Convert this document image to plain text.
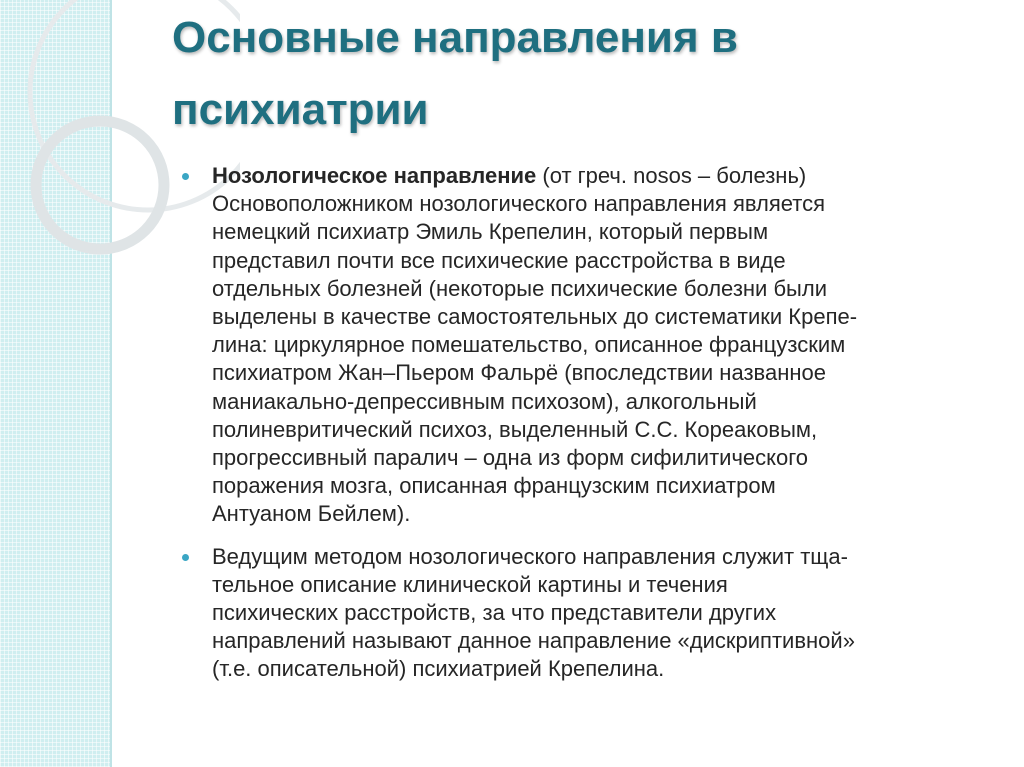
Основные направления в психиатрии
Нозологическое направление (от греч. nosos – болезнь)
Основоположником нозологического направления является
немецкий психиатр Эмиль Крепелин, который первым
представил почти все психические расстройства в виде
отдельных болезней (некоторые психические болезни были
выделены в качестве самостоятельных до систематики Крепе-
лина: циркулярное помешательство, описанное французским
психиатром Жан–Пьером Фальрё (впоследствии названное
маниакально-депрессивным психозом), алкогольный
полиневритический психоз, выделенный С.С. Кореаковым,
прогрессивный паралич – одна из форм сифилитического
поражения мозга, описанная французским психиатром
Антуаном Бейлем).
Ведущим методом нозологического направления служит тща-
тельное описание клинической картины и течения
психических расстройств, за что представители других
направлений называют данное направление «дискриптивной»
(т.е. описательной) психиатрией Крепелина.
